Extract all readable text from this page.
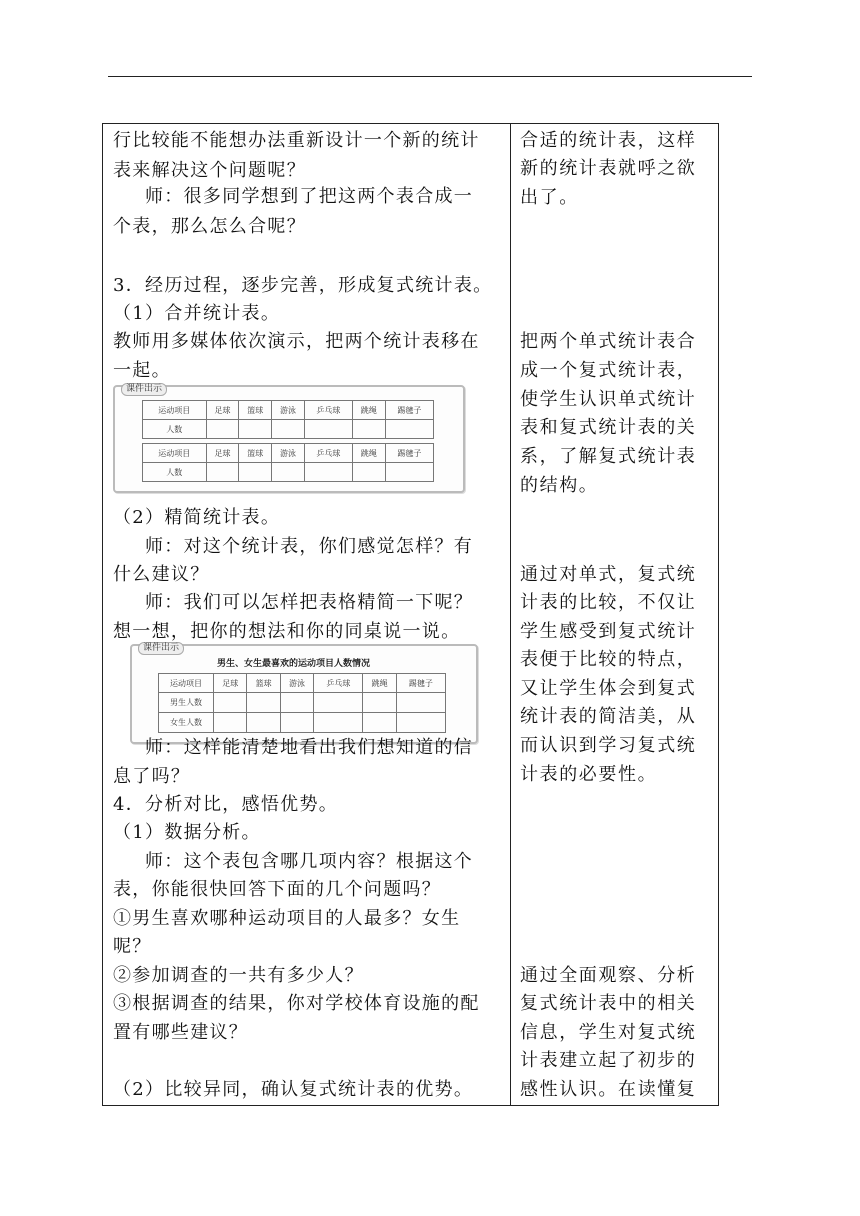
行比较能不能想办法重新设计一个新的统计
表来解决这个问题呢？
师：很多同学想到了把这两个表合成一
个表，那么怎么合呢？
3．经历过程，逐步完善，形成复式统计表。
（1）合并统计表。
教师用多媒体依次演示，把两个统计表移在
一起。
课件出示
运动项目	足球	篮球	游泳	乒乓球	跳绳	踢毽子
人数						
运动项目	足球	篮球	游泳	乒乓球	跳绳	踢毽子
人数						
（2）精简统计表。
师：对这个统计表，你们感觉怎样？有
什么建议？
师：我们可以怎样把表格精简一下呢？
想一想，把你的想法和你的同桌说一说。
课件出示
男生、女生最喜欢的运动项目人数情况
运动项目	足球	篮球	游泳	乒乓球	跳绳	踢毽子
男生人数						
女生人数						
师：这样能清楚地看出我们想知道的信
息了吗？
4．分析对比，感悟优势。
（1）数据分析。
师：这个表包含哪几项内容？根据这个
表，你能很快回答下面的几个问题吗？
①男生喜欢哪种运动项目的人最多？女生
呢？
②参加调查的一共有多少人？
③根据调查的结果，你对学校体育设施的配
置有哪些建议？
（2）比较异同，确认复式统计表的优势。
合适的统计表，这样
新的统计表就呼之欲
出了。
把两个单式统计表合
成一个复式统计表，
使学生认识单式统计
表和复式统计表的关
系，了解复式统计表
的结构。
通过对单式，复式统
计表的比较，不仅让
学生感受到复式统计
表便于比较的特点，
又让学生体会到复式
统计表的简洁美，从
而认识到学习复式统
计表的必要性。
通过全面观察、分析
复式统计表中的相关
信息，学生对复式统
计表建立起了初步的
感性认识。在读懂复
